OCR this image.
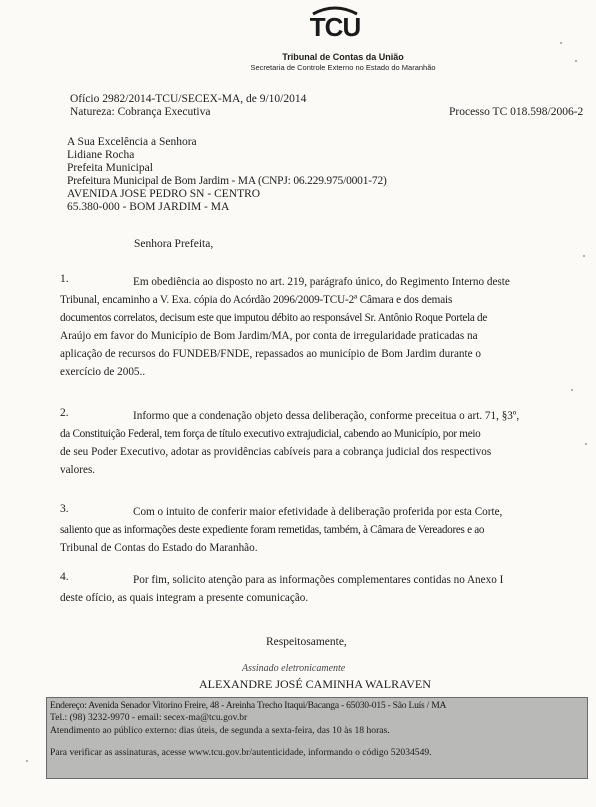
TCU
Tribunal de Contas da União
Secretaria de Controle Externo no Estado do Maranhão
Ofício 2982/2014-TCU/SECEX-MA, de 9/10/2014
Natureza: Cobrança Executiva	Processo TC 018.598/2006-2
A Sua Excelência a Senhora
Lidiane Rocha
Prefeita Municipal
Prefeitura Municipal de Bom Jardim - MA (CNPJ: 06.229.975/0001-72)
AVENIDA JOSE PEDRO SN - CENTRO
65.380-000 - BOM JARDIM - MA
Senhora Prefeita,
1.	Em obediência ao disposto no art. 219, parágrafo único, do Regimento Interno deste
Tribunal, encaminho a V. Exa. cópia do Acórdão 2096/2009-TCU-2ª Câmara e dos demais
documentos correlatos, decisum este que imputou débito ao responsável Sr. Antônio Roque Portela de
Araújo em favor do Município de Bom Jardim/MA, por conta de irregularidade praticadas na
aplicação de recursos do FUNDEB/FNDE, repassados ao município de Bom Jardim durante o
exercício de 2005..
2.	Informo que a condenação objeto dessa deliberação, conforme preceitua o art. 71, §3º,
da Constituição Federal, tem força de título executivo extrajudicial, cabendo ao Município, por meio
de seu Poder Executivo, adotar as providências cabíveis para a cobrança judicial dos respectivos
valores.
3.	Com o intuito de conferir maior efetividade à deliberação proferida por esta Corte,
saliento que as informações deste expediente foram remetidas, também, à Câmara de Vereadores e ao
Tribunal de Contas do Estado do Maranhão.
4.	Por fim, solicito atenção para as informações complementares contidas no Anexo I
deste ofício, as quais integram a presente comunicação.
Respeitosamente,
Assinado eletronicamente
ALEXANDRE JOSÉ CAMINHA WALRAVEN
Endereço: Avenida Senador Vitorino Freire, 48 - Areinha Trecho Itaqui/Bacanga - 65030-015 - São Luís / MA
Tel.: (98) 3232-9970 - email: secex-ma@tcu.gov.br
Atendimento ao público externo: dias úteis, de segunda a sexta-feira, das 10 às 18 horas.
Para verificar as assinaturas, acesse www.tcu.gov.br/autenticidade, informando o código 52034549.
